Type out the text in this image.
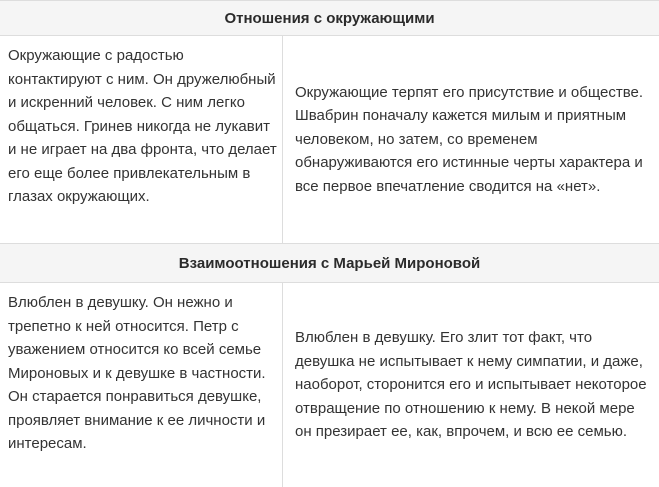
Отношения с окружающими
Окружающие с радостью контактируют с ним. Он дружелюбный и искренний человек. С ним легко общаться. Гринев никогда не лукавит и не играет на два фронта, что делает его еще более привлекательным в глазах окружающих.
Окружающие терпят его присутствие и обществе. Швабрин поначалу кажется милым и приятным человеком, но затем, со временем обнаруживаются его истинные черты характера и все первое впечатление сводится на «нет».
Взаимоотношения с Марьей Мироновой
Влюблен в девушку. Он нежно и трепетно к ней относится. Петр с уважением относится ко всей семье Мироновых и к девушке в частности. Он старается понравиться девушке, проявляет внимание к ее личности и интересам.
Влюблен в девушку. Его злит тот факт, что девушка не испытывает к нему симпатии, и даже, наоборот, сторонится его и испытывает некоторое отвращение по отношению к нему. В некой мере он презирает ее, как, впрочем, и всю ее семью.
